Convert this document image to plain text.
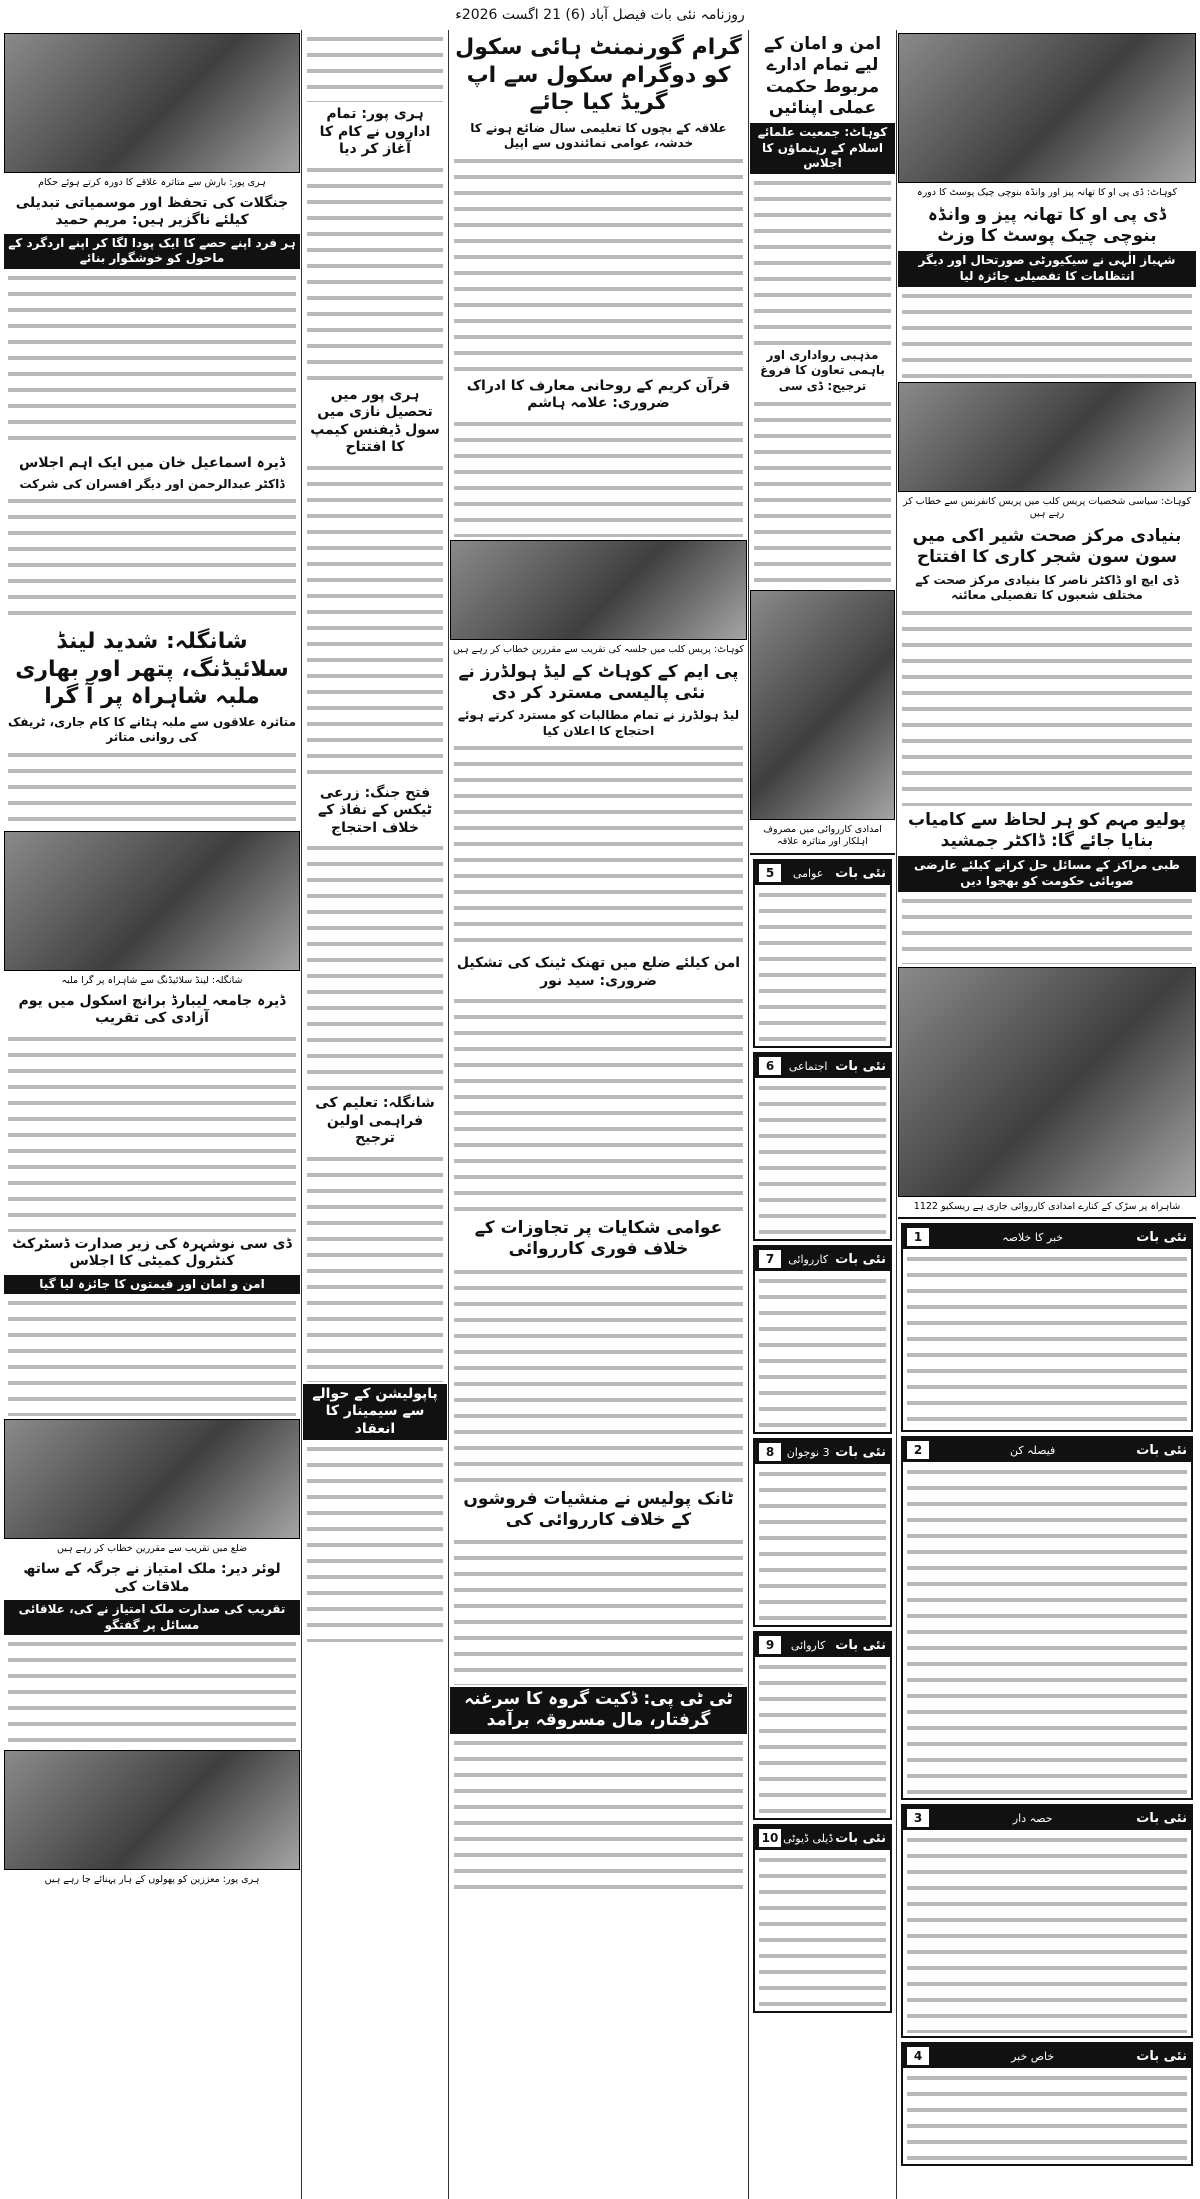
روزنامہ نئی بات فیصل آباد (6) 21 اگست 2026ء
کوہاٹ: ڈی پی او کا تھانہ پیز اور وانڈہ بنوچی چیک پوسٹ کا دورہ
ڈی پی او کا تھانہ پیز و وانڈہ بنوچی چیک پوسٹ کا وزٹ
شہباز الٰہی نے سیکیورٹی صورتحال اور دیگر انتظامات کا تفصیلی جائزہ لیا
کوہاٹ: سیاسی شخصیات پریس کلب میں پریس کانفرنس سے خطاب کر رہے ہیں
بنیادی مرکز صحت شیر اکی میں سون سون شجر کاری کا افتتاح
ڈی ایچ او ڈاکٹر ناصر کا بنیادی مرکز صحت کے مختلف شعبوں کا تفصیلی معائنہ
پولیو مہم کو ہر لحاظ سے کامیاب بنایا جائے گا: ڈاکٹر جمشید
طبی مراکز کے مسائل حل کرانے کیلئے عارضی صوبائی حکومت کو بھجوا دیں
شاہراہ پر سڑک کے کنارے امدادی کارروائی جاری ہے ریسکیو 1122
نئی بات
خبر کا خلاصہ
1
نئی بات
فیصلہ کن
2
نئی بات
حصہ دار
3
نئی بات
خاص خبر
4
امن و امان کے لیے تمام ادارے مربوط حکمت عملی اپنائیں
کوہاٹ: جمعیت علمائے اسلام کے رہنماؤں کا اجلاس
مذہبی رواداری اور باہمی تعاون کا فروغ ترجیح: ڈی سی
امدادی کارروائی میں مصروف اہلکار اور متاثرہ علاقہ
نئی بات
عوامی
5
نئی بات
اجتماعی
6
نئی بات
کارروائی
7
نئی بات
3 نوجوان
8
نئی بات
کاروائی
9
نئی بات
ڈیلی ڈیوٹی
10
گرام گورنمنٹ ہائی سکول کو دوگرام سکول سے اپ گریڈ کیا جائے
علاقہ کے بچوں کا تعلیمی سال ضائع ہونے کا خدشہ، عوامی نمائندوں سے اپیل
قرآن کریم کے روحانی معارف کا ادراک ضروری: علامہ ہاشم
کوہاٹ: پریس کلب میں جلسہ کی تقریب سے مقررین خطاب کر رہے ہیں
پی ایم کے کوہاٹ کے لیڈ ہولڈرز نے نئی پالیسی مسترد کر دی
لیڈ ہولڈرز نے تمام مطالبات کو مسترد کرتے ہوئے احتجاج کا اعلان کیا
امن کیلئے ضلع میں تھنک ٹینک کی تشکیل ضروری: سید نور
عوامی شکایات پر تجاوزات کے خلاف فوری کارروائی
ٹانک پولیس نے منشیات فروشوں کے خلاف کارروائی کی
ٹی ٹی پی: ڈکیت گروہ کا سرغنہ گرفتار، مال مسروقہ برآمد
ہری پور: تمام اداروں نے کام کا آغاز کر دیا
ہری پور میں تحصیل نازی میں سول ڈیفنس کیمپ کا افتتاح
فتح جنگ: زرعی ٹیکس کے نفاذ کے خلاف احتجاج
شانگلہ: تعلیم کی فراہمی اولین ترجیح
پاپولیشن کے حوالے سے سیمینار کا انعقاد
ہری پور: بارش سے متاثرہ علاقے کا دورہ کرتے ہوئے حکام
جنگلات کی تحفظ اور موسمیاتی تبدیلی کیلئے ناگزیر ہیں: مریم حمید
ہر فرد اپنے حصے کا ایک پودا لگا کر اپنے اردگرد کے ماحول کو خوشگوار بنائے
ڈیرہ اسماعیل خان میں ایک اہم اجلاس
ڈاکٹر عبدالرحمن اور دیگر افسران کی شرکت
شانگلہ: شدید لینڈ سلائیڈنگ، پتھر اور بھاری ملبہ شاہراہ پر آ گرا
متاثرہ علاقوں سے ملبہ ہٹانے کا کام جاری، ٹریفک کی روانی متاثر
شانگلہ: لینڈ سلائیڈنگ سے شاہراہ پر گرا ملبہ
ڈیرہ جامعہ لیبارڈ برانچ اسکول میں یوم آزادی کی تقریب
ڈی سی نوشہرہ کی زیر صدارت ڈسٹرکٹ کنٹرول کمیٹی کا اجلاس
امن و امان اور قیمتوں کا جائزہ لیا گیا
ضلع میں تقریب سے مقررین خطاب کر رہے ہیں
لوئر دیر: ملک امتیاز نے جرگہ کے ساتھ ملاقات کی
تقریب کی صدارت ملک امتیاز نے کی، علاقائی مسائل پر گفتگو
ہری پور: معززین کو پھولوں کے ہار پہنائے جا رہے ہیں
